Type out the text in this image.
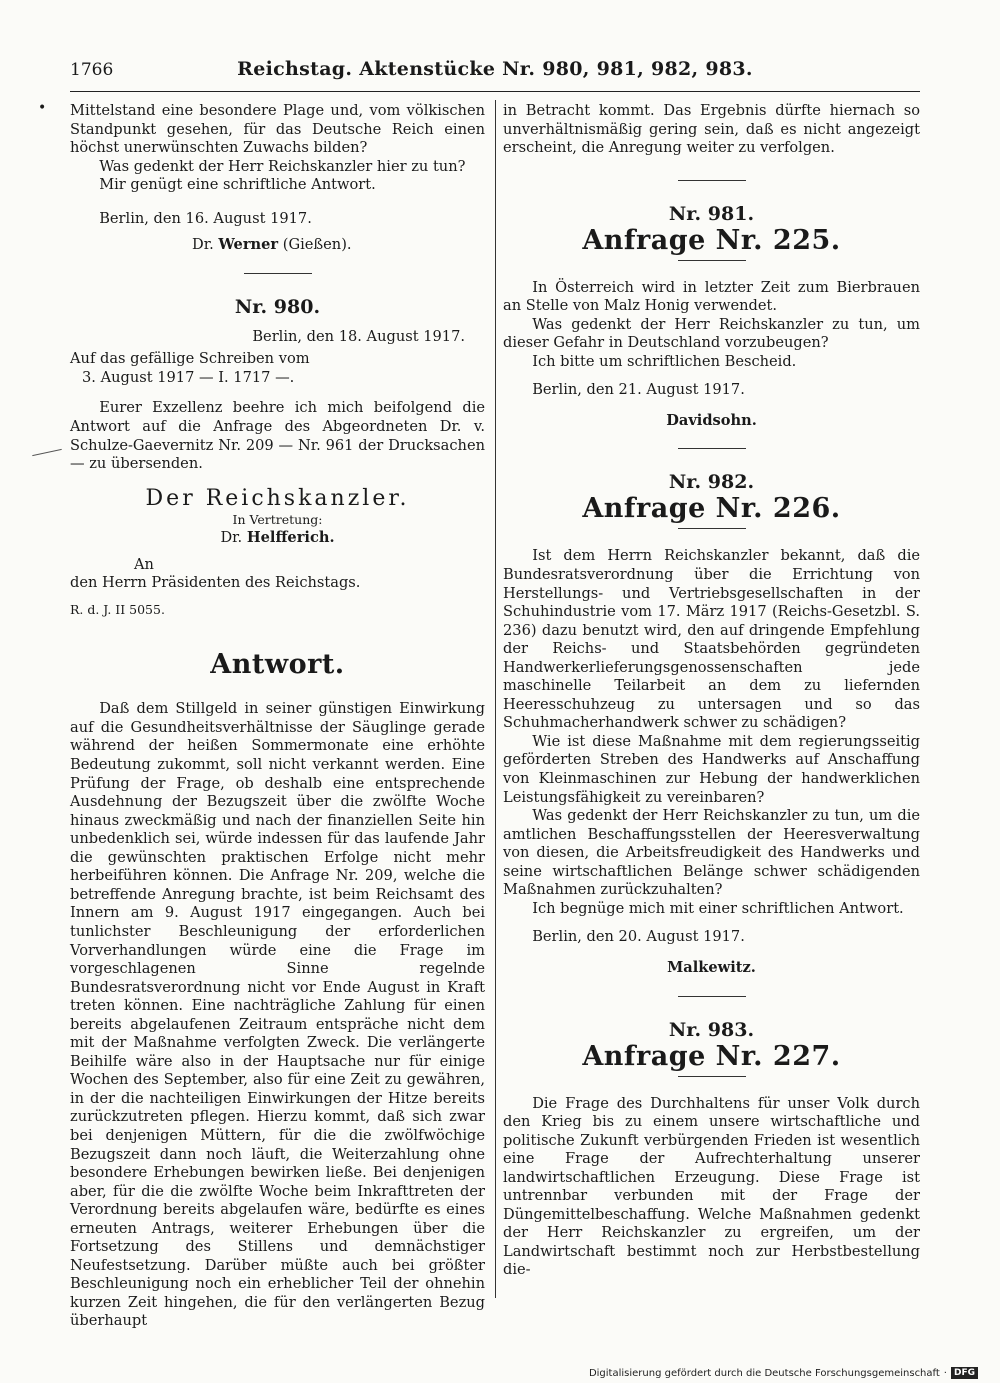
1766	Reichstag. Aktenstücke Nr. 980, 981, 982, 983.
• Mittelstand eine besondere Plage und, vom völkischen Standpunkt gesehen, für das Deutsche Reich einen höchst unerwünschten Zuwachs bilden?

Was gedenkt der Herr Reichskanzler hier zu tun?

Mir genügt eine schriftliche Antwort.

Berlin, den 16. August 1917.

Dr. Werner (Gießen).

Nr. 980.

Berlin, den 18. August 1917.

Auf das gefällige Schreiben vom

3. August 1917 — I. 1717 —.

Eurer Exzellenz beehre ich mich beifolgend die Antwort auf die Anfrage des Abgeordneten Dr. v. Schulze-Gaevernitz Nr. 209 — Nr. 961 der Drucksachen — zu übersenden.

Der Reichskanzler.

In Vertretung:

Dr. Helfferich.

An

den Herrn Präsidenten des Reichstags.

R. d. J. II 5055.

Antwort.

Daß dem Stillgeld in seiner günstigen Einwirkung auf die Gesundheitsverhältnisse der Säuglinge gerade während der heißen Sommermonate eine erhöhte Bedeutung zukommt, soll nicht verkannt werden. Eine Prüfung der Frage, ob deshalb eine entsprechende Ausdehnung der Bezugszeit über die zwölfte Woche hinaus zweckmäßig und nach der finanziellen Seite hin unbedenklich sei, würde indessen für das laufende Jahr die gewünschten praktischen Erfolge nicht mehr herbeiführen können. Die Anfrage Nr. 209, welche die betreffende Anregung brachte, ist beim Reichsamt des Innern am 9. August 1917 eingegangen. Auch bei tunlichster Beschleunigung der erforderlichen Vorverhandlungen würde eine die Frage im vorgeschlagenen Sinne regelnde Bundesratsverordnung nicht vor Ende August in Kraft treten können. Eine nachträgliche Zahlung für einen bereits abgelaufenen Zeitraum entspräche nicht dem mit der Maßnahme verfolgten Zweck. Die verlängerte Beihilfe wäre also in der Hauptsache nur für einige Wochen des September, also für eine Zeit zu gewähren, in der die nachteiligen Einwirkungen der Hitze bereits zurückzutreten pflegen. Hierzu kommt, daß sich zwar bei denjenigen Müttern, für die die zwölfwöchige Bezugszeit dann noch läuft, die Weiterzahlung ohne besondere Erhebungen bewirken ließe. Bei denjenigen aber, für die die zwölfte Woche beim Inkrafttreten der Verordnung bereits abgelaufen wäre, bedürfte es eines erneuten Antrags, weiterer Erhebungen über die Fortsetzung des Stillens und demnächstiger Neufestsetzung. Darüber müßte auch bei größter Beschleunigung noch ein erheblicher Teil der ohnehin kurzen Zeit hingehen, die für den verlängerten Bezug überhaupt

in Betracht kommt. Das Ergebnis dürfte hiernach so unverhältnismäßig gering sein, daß es nicht angezeigt erscheint, die Anregung weiter zu verfolgen.

Nr. 981.
Anfrage Nr. 225.

In Österreich wird in letzter Zeit zum Bierbrauen an Stelle von Malz Honig verwendet.

Was gedenkt der Herr Reichskanzler zu tun, um dieser Gefahr in Deutschland vorzubeugen?

Ich bitte um schriftlichen Bescheid.

Berlin, den 21. August 1917.

Davidsohn.

Nr. 982.
Anfrage Nr. 226.

Ist dem Herrn Reichskanzler bekannt, daß die Bundesratsverordnung über die Errichtung von Herstellungs- und Vertriebsgesellschaften in der Schuhindustrie vom 17. März 1917 (Reichs-Gesetzbl. S. 236) dazu benutzt wird, den auf dringende Empfehlung der Reichs- und Staatsbehörden gegründeten Handwerkerlieferungsgenossenschaften jede maschinelle Teilarbeit an dem zu liefernden Heeresschuhzeug zu untersagen und so das Schuhmacherhandwerk schwer zu schädigen?

Wie ist diese Maßnahme mit dem regierungsseitig geförderten Streben des Handwerks auf Anschaffung von Kleinmaschinen zur Hebung der handwerklichen Leistungsfähigkeit zu vereinbaren?

Was gedenkt der Herr Reichskanzler zu tun, um die amtlichen Beschaffungsstellen der Heeresverwaltung von diesen, die Arbeitsfreudigkeit des Handwerks und seine wirtschaftlichen Belänge schwer schädigenden Maßnahmen zurückzuhalten?

Ich begnüge mich mit einer schriftlichen Antwort.

Berlin, den 20. August 1917.

Malkewitz.

Nr. 983.
Anfrage Nr. 227.

Die Frage des Durchhaltens für unser Volk durch den Krieg bis zu einem unsere wirtschaftliche und politische Zukunft verbürgenden Frieden ist wesentlich eine Frage der Aufrechterhaltung unserer landwirtschaftlichen Erzeugung. Diese Frage ist untrennbar verbunden mit der Frage der Düngemittelbeschaffung. Welche Maßnahmen gedenkt der Herr Reichskanzler zu ergreifen, um der Landwirtschaft bestimmt noch zur Herbstbestellung die-

Digitalisierung gefördert durch die Deutsche Forschungsgemeinschaft · DFG
